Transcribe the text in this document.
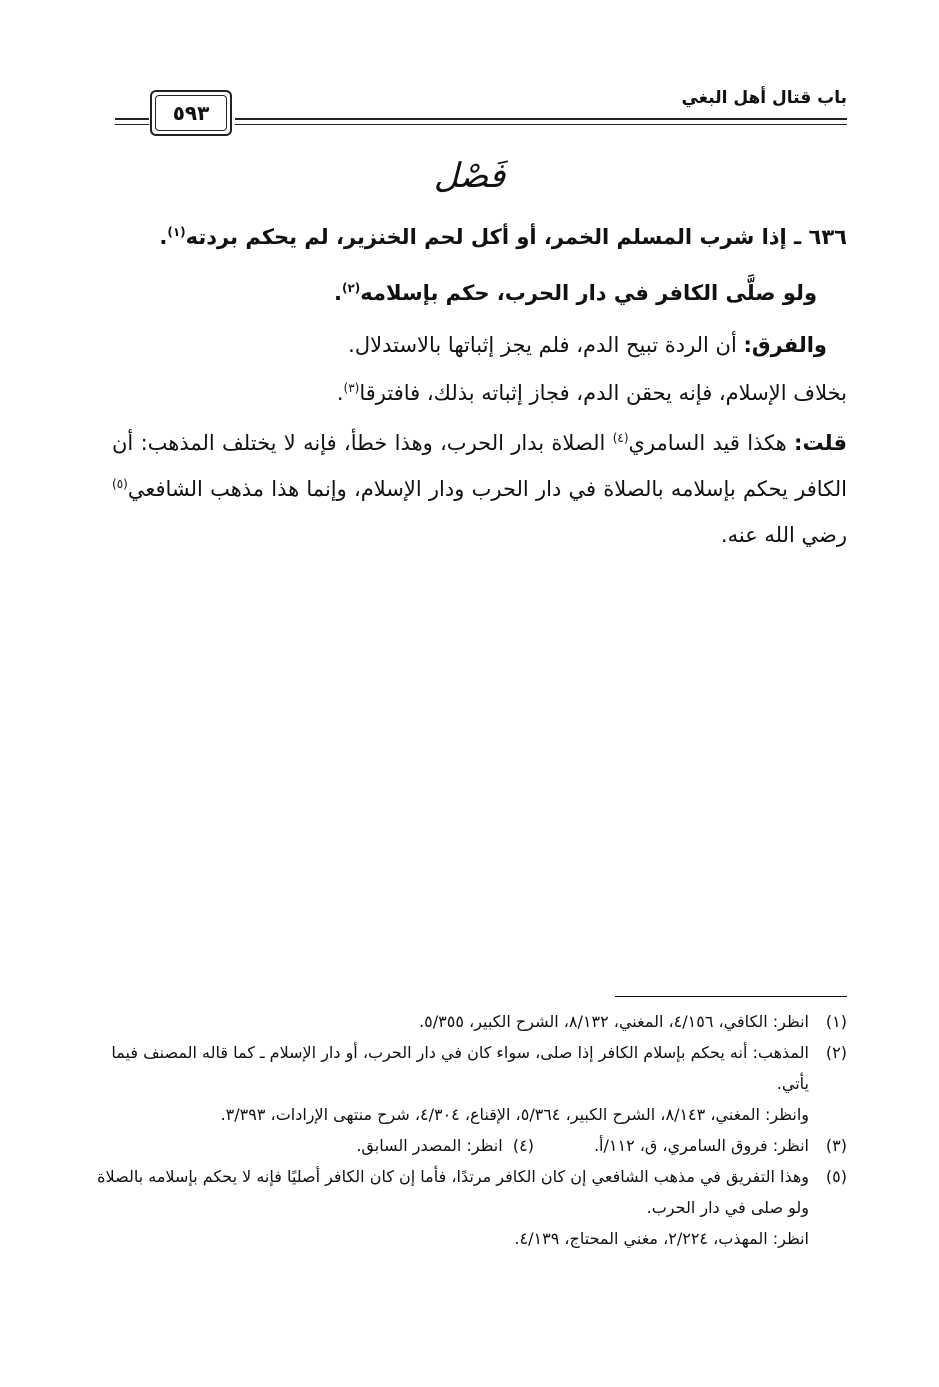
باب قتال أهل البغي
٥٩٣
فَصْل
٦٣٦ ـ إذا شرب المسلم الخمر، أو أكل لحم الخنزير، لم يحكم بردته$^{(١)}$.
ولو صلَّى الكافر في دار الحرب، حكم بإسلامه$^{(٢)}$.
والفرق: أن الردة تبيح الدم، فلم يجز إثباتها بالاستدلال.
بخلاف الإسلام، فإنه يحقن الدم، فجاز إثباته بذلك، فافترقا$^{(٣)}$.
قلت: هكذا قيد السامري$^{(٤)}$ الصلاة بدار الحرب، وهذا خطأ، فإنه لا يختلف المذهب: أن الكافر يحكم بإسلامه بالصلاة في دار الحرب ودار الإسلام، وإنما هذا مذهب الشافعي$^{(٥)}$ رضي الله عنه.
(١)
انظر: الكافي، ٤/١٥٦، المغني، ٨/١٣٢، الشرح الكبير، ٥/٣٥٥.
(٢)
المذهب: أنه يحكم بإسلام الكافر إذا صلى، سواء كان في دار الحرب، أو دار الإسلام ـ كما قاله المصنف فيما يأتي.
وانظر: المغني، ٨/١٤٣، الشرح الكبير، ٥/٣٦٤، الإقناع، ٤/٣٠٤، شرح منتهى الإرادات، ٣/٣٩٣.
(٣)
انظر: فروق السامري، ق، ١١٢/أ.(٤)  انظر: المصدر السابق.
(٥)
وهذا التفريق في مذهب الشافعي إن كان الكافر مرتدًا، فأما إن كان الكافر أصليًا فإنه لا يحكم بإسلامه بالصلاة ولو صلى في دار الحرب.
انظر: المهذب، ٢/٢٢٤، مغني المحتاج، ٤/١٣٩.
